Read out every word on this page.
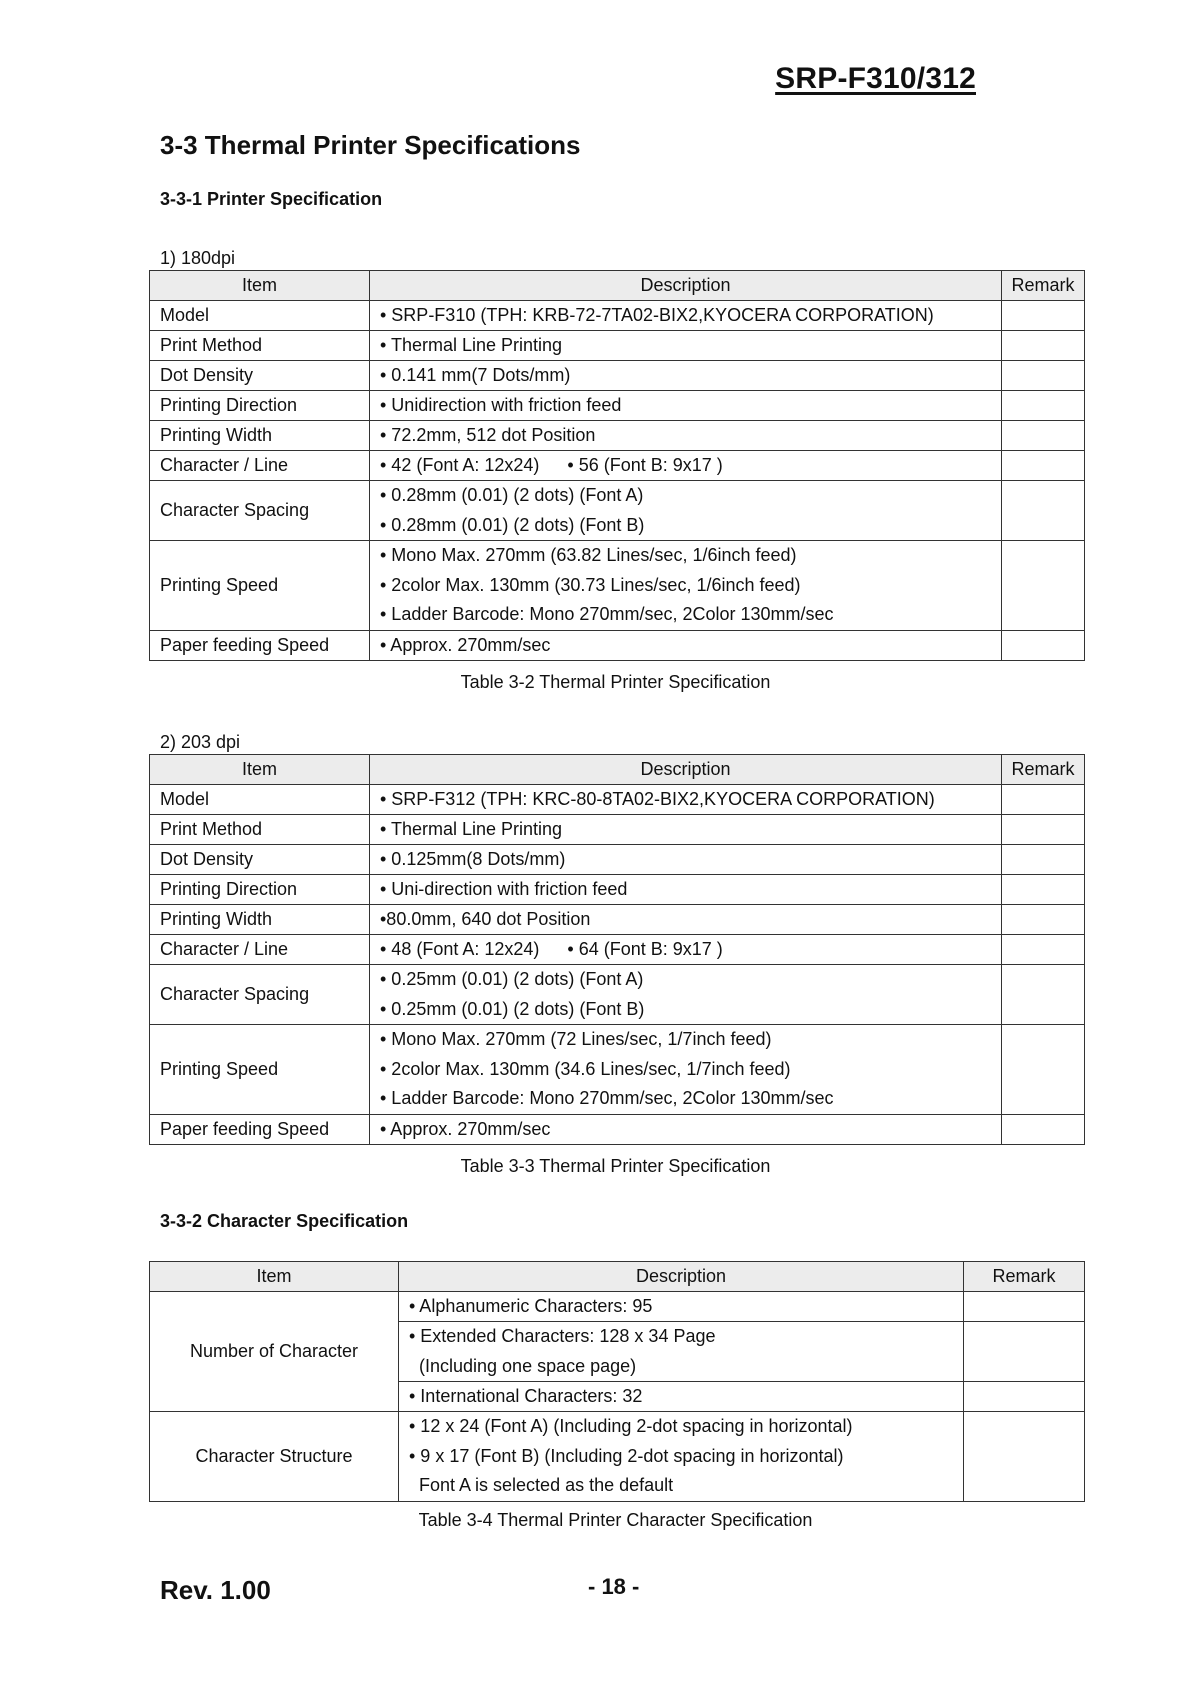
SRP-F310/312
3-3 Thermal Printer Specifications
3-3-1 Printer Specification
1) 180dpi
Item	Description	Remark
Model	• SRP-F310 (TPH: KRB-72-7TA02-BIX2,KYOCERA CORPORATION)	
Print Method	• Thermal Line Printing	
Dot Density	• 0.141 mm(7 Dots/mm)	
Printing Direction	• Unidirection with friction feed	
Printing Width	• 72.2mm, 512 dot Position	
Character / Line	• 42 (Font A: 12x24) • 56 (Font B: 9x17 )	
Character Spacing	• 0.28mm (0.01) (2 dots) (Font A)
• 0.28mm (0.01) (2 dots) (Font B)	

Printing Speed	• Mono Max. 270mm (63.82 Lines/sec, 1/6inch feed)
• 2color Max. 130mm (30.73 Lines/sec, 1/6inch feed)
• Ladder Barcode: Mono 270mm/sec, 2Color 130mm/sec	

Paper feeding Speed	• Approx. 270mm/sec	
Table 3-2 Thermal Printer Specification
2) 203 dpi
Item	Description	Remark
Model	• SRP-F312 (TPH: KRC-80-8TA02-BIX2,KYOCERA CORPORATION)	
Print Method	• Thermal Line Printing	
Dot Density	• 0.125mm(8 Dots/mm)	
Printing Direction	• Uni-direction with friction feed	
Printing Width	•80.0mm, 640 dot Position	
Character / Line	• 48 (Font A: 12x24) • 64 (Font B: 9x17 )	
Character Spacing	• 0.25mm (0.01) (2 dots) (Font A)
• 0.25mm (0.01) (2 dots) (Font B)	

Printing Speed	• Mono Max. 270mm (72 Lines/sec, 1/7inch feed)
• 2color Max. 130mm (34.6 Lines/sec, 1/7inch feed)
• Ladder Barcode: Mono 270mm/sec, 2Color 130mm/sec	

Paper feeding Speed	• Approx. 270mm/sec	
Table 3-3 Thermal Printer Specification
3-3-2 Character Specification
Item	Description	Remark
Number of Character	• Alphanumeric Characters: 95	

	• Extended Characters: 128 x 34 Page
(Including one space page)	

	• International Characters: 32	
Character Structure	• 12 x 24 (Font A) (Including 2-dot spacing in horizontal)
• 9 x 17 (Font B) (Including 2-dot spacing in horizontal)
Font A is selected as the default	

Table 3-4 Thermal Printer Character Specification
Rev. 1.00	- 18 -
